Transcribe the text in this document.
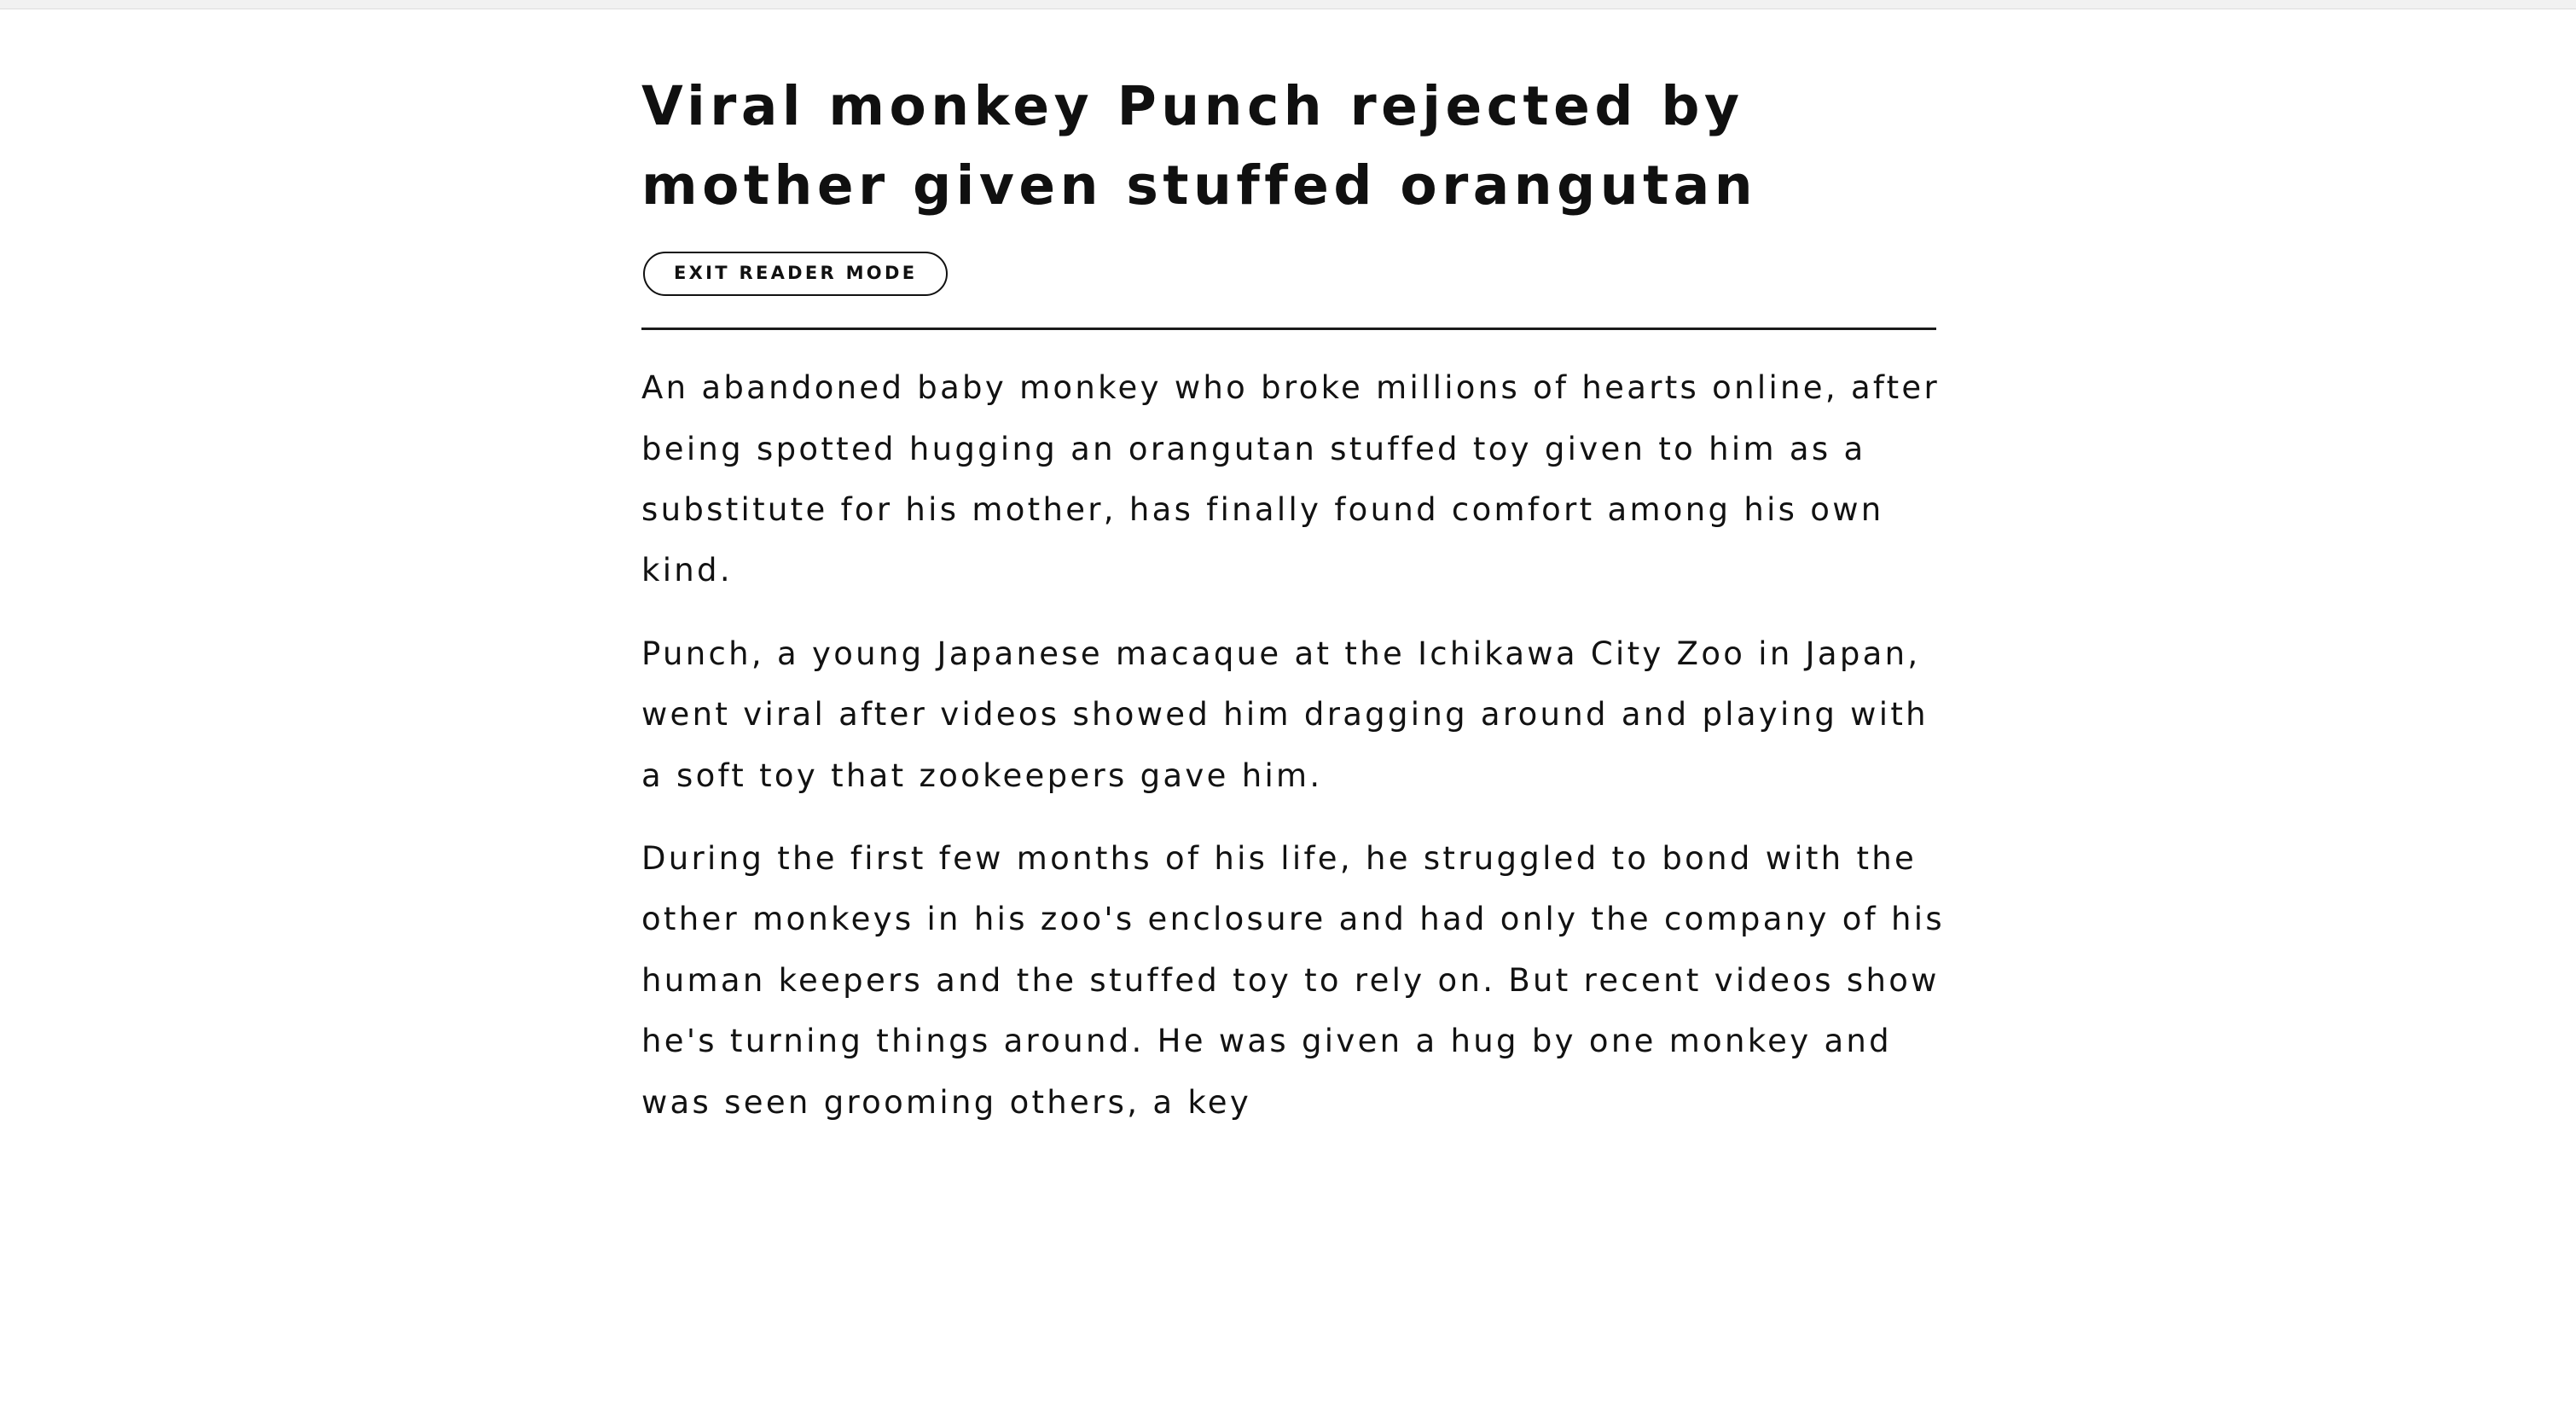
Viral monkey Punch rejected by mother given stuffed orangutan
EXIT READER MODE

An abandoned baby monkey who broke millions of hearts online, after being spotted hugging an orangutan stuffed toy given to him as a substitute for his mother, has finally found comfort among his own kind.

Punch, a young Japanese macaque at the Ichikawa City Zoo in Japan, went viral after videos showed him dragging around and playing with a soft toy that zookeepers gave him.

During the first few months of his life, he struggled to bond with the other monkeys in his zoo's enclosure and had only the company of his human keepers and the stuffed toy to rely on. But recent videos show he's turning things around. He was given a hug by one monkey and was seen grooming others, a key
